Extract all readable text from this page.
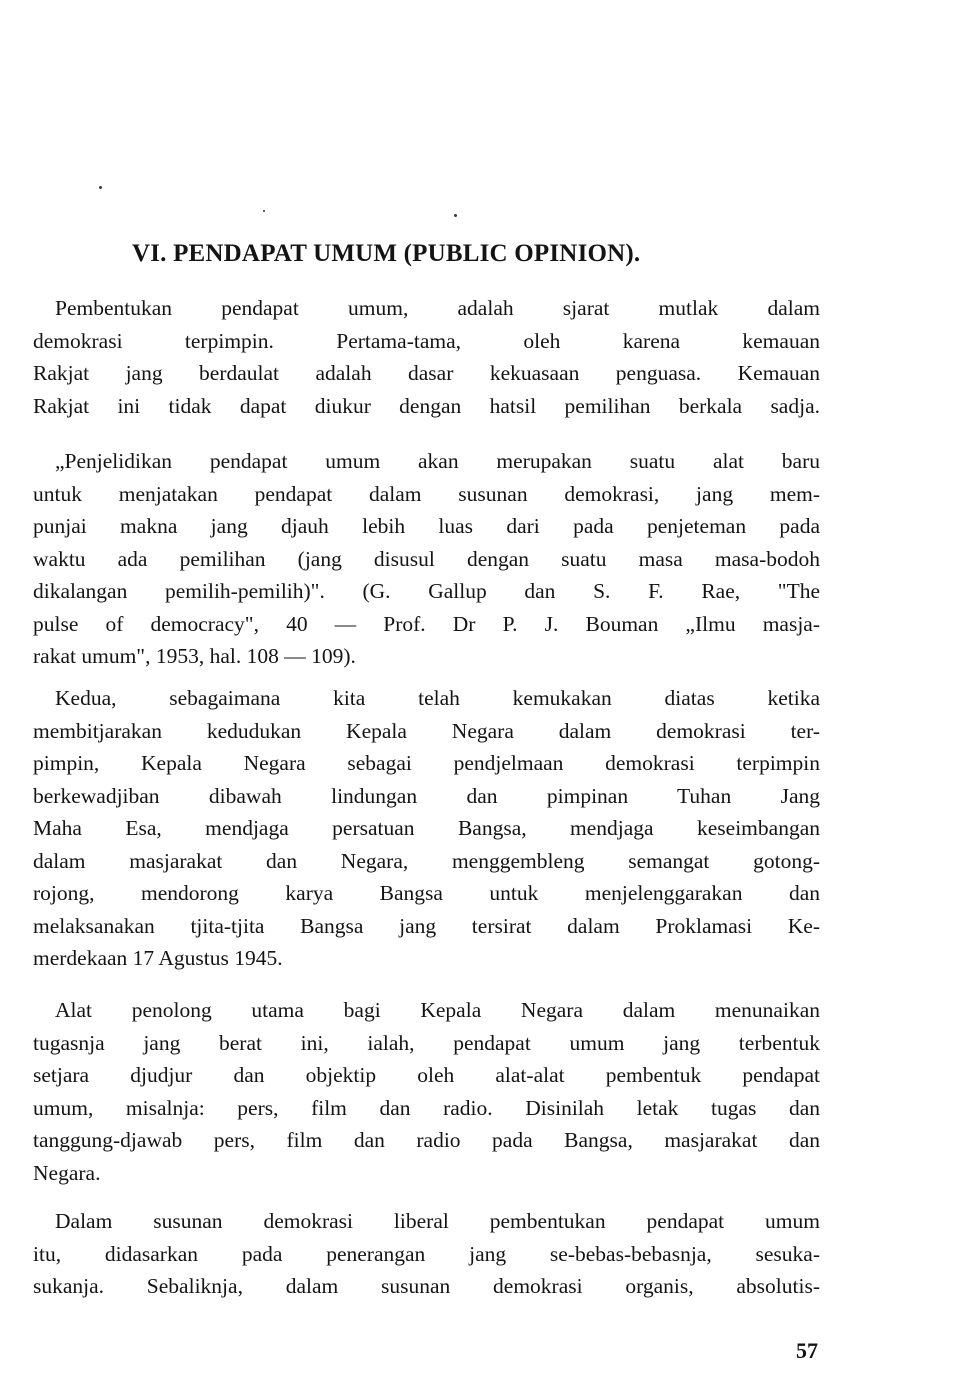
VI. PENDAPAT UMUM (PUBLIC OPINION).

Pembentukan pendapat umum, adalah sjarat mutlak dalam
demokrasi terpimpin. Pertama-tama, oleh karena kemauan
Rakjat jang berdaulat adalah dasar kekuasaan penguasa. Kemauan
Rakjat ini tidak dapat diukur dengan hatsil pemilihan berkala sadja.

„Penjelidikan pendapat umum akan merupakan suatu alat baru
untuk menjatakan pendapat dalam susunan demokrasi, jang mem-
punjai makna jang djauh lebih luas dari pada penjeteman pada
waktu ada pemilihan (jang disusul dengan suatu masa masa-bodoh
dikalangan pemilih-pemilih)". (G. Gallup dan S. F. Rae, "The
pulse of democracy", 40 — Prof. Dr P. J. Bouman „Ilmu masja-
rakat umum", 1953, hal. 108 — 109).

Kedua, sebagaimana kita telah kemukakan diatas ketika
membitjarakan kedudukan Kepala Negara dalam demokrasi ter-
pimpin, Kepala Negara sebagai pendjelmaan demokrasi terpimpin
berkewadjiban dibawah lindungan dan pimpinan Tuhan Jang
Maha Esa, mendjaga persatuan Bangsa, mendjaga keseimbangan
dalam masjarakat dan Negara, menggembleng semangat gotong-
rojong, mendorong karya Bangsa untuk menjelenggarakan dan
melaksanakan tjita-tjita Bangsa jang tersirat dalam Proklamasi Ke-
merdekaan 17 Agustus 1945.

Alat penolong utama bagi Kepala Negara dalam menunaikan
tugasnja jang berat ini, ialah, pendapat umum jang terbentuk
setjara djudjur dan objektip oleh alat-alat pembentuk pendapat
umum, misalnja: pers, film dan radio. Disinilah letak tugas dan
tanggung-djawab pers, film dan radio pada Bangsa, masjarakat dan
Negara.

Dalam susunan demokrasi liberal pembentukan pendapat umum
itu, didasarkan pada penerangan jang se-bebas-bebasnja, sesuka-
sukanja. Sebaliknja, dalam susunan demokrasi organis, absolutis-

57
